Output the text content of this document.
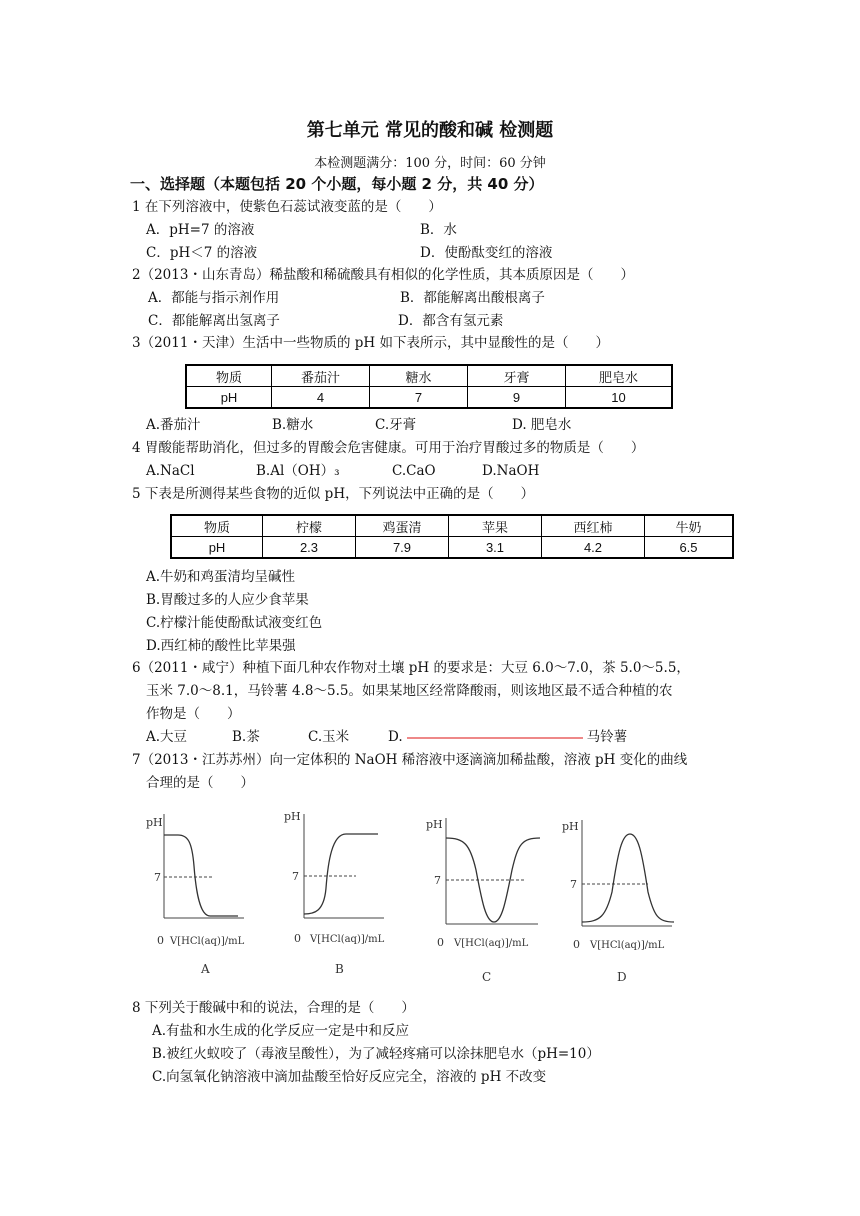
第七单元 常见的酸和碱 检测题
本检测题满分：100 分，时间：60 分钟
一、选择题（本题包括 20 个小题，每小题 2 分，共 40 分）
1 在下列溶液中，使紫色石蕊试液变蓝的是（　　）
A．pH=7 的溶液	B．水
C．pH＜7 的溶液	D．使酚酞变红的溶液
2（2013・山东青岛）稀盐酸和稀硫酸具有相似的化学性质，其本质原因是（　　）
A．都能与指示剂作用	B．都能解离出酸根离子
C．都能解离出氢离子	D．都含有氢元素
3（2011・天津）生活中一些物质的 pH 如下表所示，其中显酸性的是（　　）
物质	番茄汁	糖水	牙膏	肥皂水
pH	4	7	9	10
A.番茄汁	B.糖水	C.牙膏	D. 肥皂水
4 胃酸能帮助消化，但过多的胃酸会危害健康。可用于治疗胃酸过多的物质是（　　）
A.NaCl	B.Al（OH）₃	C.CaO	D.NaOH
5 下表是所测得某些食物的近似 pH，下列说法中正确的是（　　）
物质	柠檬	鸡蛋清	苹果	西红柿	牛奶
pH	2.3	7.9	3.1	4.2	6.5
A.牛奶和鸡蛋清均呈碱性
B.胃酸过多的人应少食苹果
C.柠檬汁能使酚酞试液变红色
D.西红柿的酸性比苹果强
6（2011・咸宁）种植下面几种农作物对土壤 pH 的要求是：大豆 6.0～7.0，茶 5.0～5.5，
玉米 7.0～8.1，马铃薯 4.8～5.5。如果某地区经常降酸雨，则该地区最不适合种植的农
作物是（　　）
A.大豆	B.茶	C.玉米	D.	马铃薯
7（2013・江苏苏州）向一定体积的 NaOH 稀溶液中逐滴滴加稀盐酸，溶液 pH 变化的曲线
合理的是（　　）
pH
7
0 V[HCl(aq)]/mL
A
pH
7
0 V[HCl(aq)]/mL
B
pH
7
0 V[HCl(aq)]/mL
C
pH
7
0 V[HCl(aq)]/mL
D
8 下列关于酸碱中和的说法，合理的是（　　）
A.有盐和水生成的化学反应一定是中和反应
B.被红火蚁咬了（毒液呈酸性），为了减轻疼痛可以涂抹肥皂水（pH=10）
C.向氢氧化钠溶液中滴加盐酸至恰好反应完全，溶液的 pH 不改变
